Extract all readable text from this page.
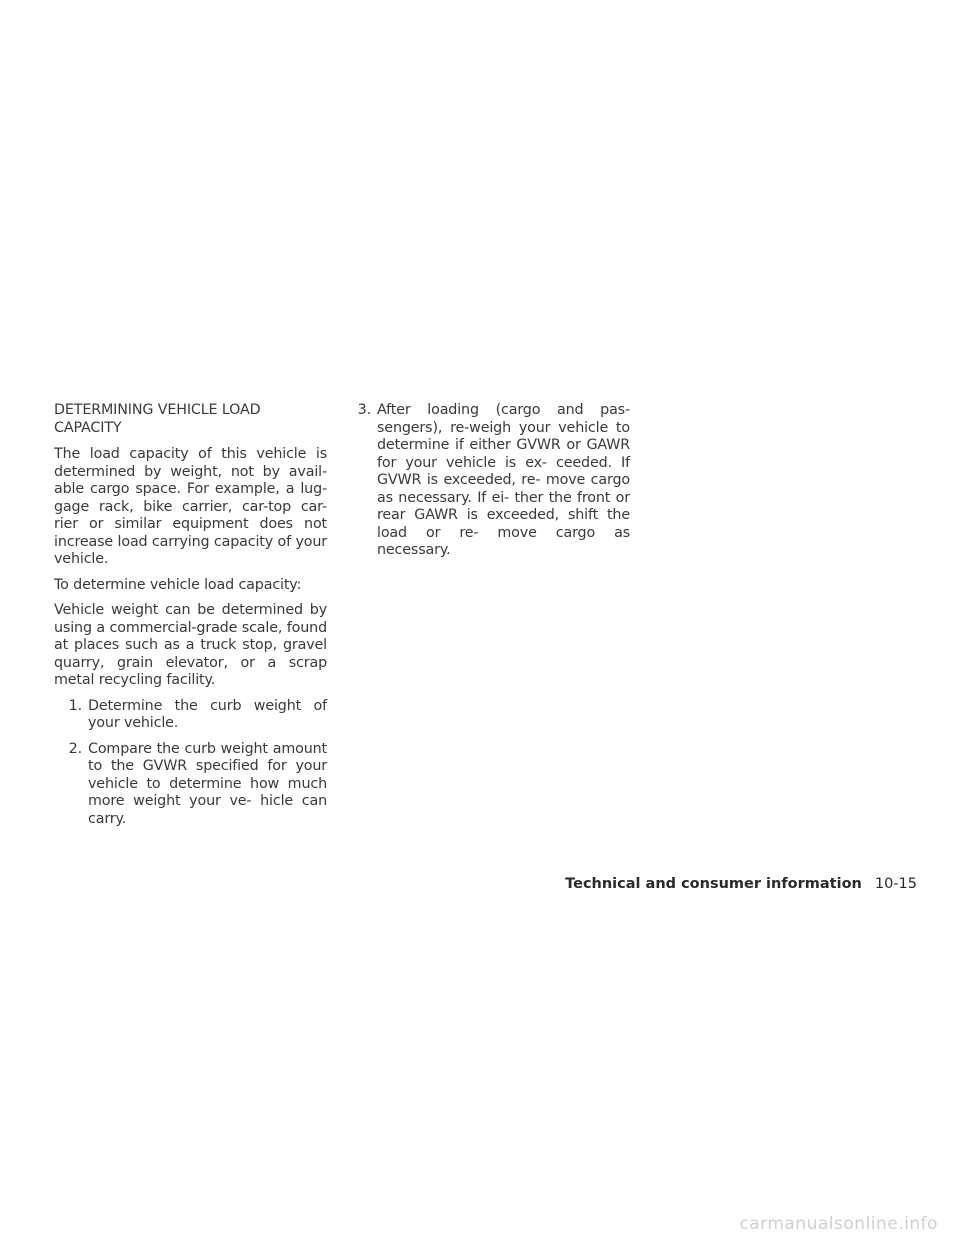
DETERMINING VEHICLE LOAD
CAPACITY

The load capacity of this vehicle is determined by weight, not by avail- able cargo space. For example, a lug- gage rack, bike carrier, car-top car- rier or similar equipment does not increase load carrying capacity of your vehicle.

To determine vehicle load capacity:

Vehicle weight can be determined by using a commercial-grade scale, found at places such as a truck stop, gravel quarry, grain elevator, or a scrap metal recycling facility.

1. Determine the curb weight of your vehicle.
2. Compare the curb weight amount to the GVWR specified for your vehicle to determine how much more weight your ve- hicle can carry.
3. After loading (cargo and pas- sengers), re-weigh your vehicle to determine if either GVWR or GAWR for your vehicle is ex- ceeded. If GVWR is exceeded, re- move cargo as necessary. If ei- ther the front or rear GAWR is exceeded, shift the load or re- move cargo as necessary.
Technical and consumer information 10-15
carmanualsonline.info
